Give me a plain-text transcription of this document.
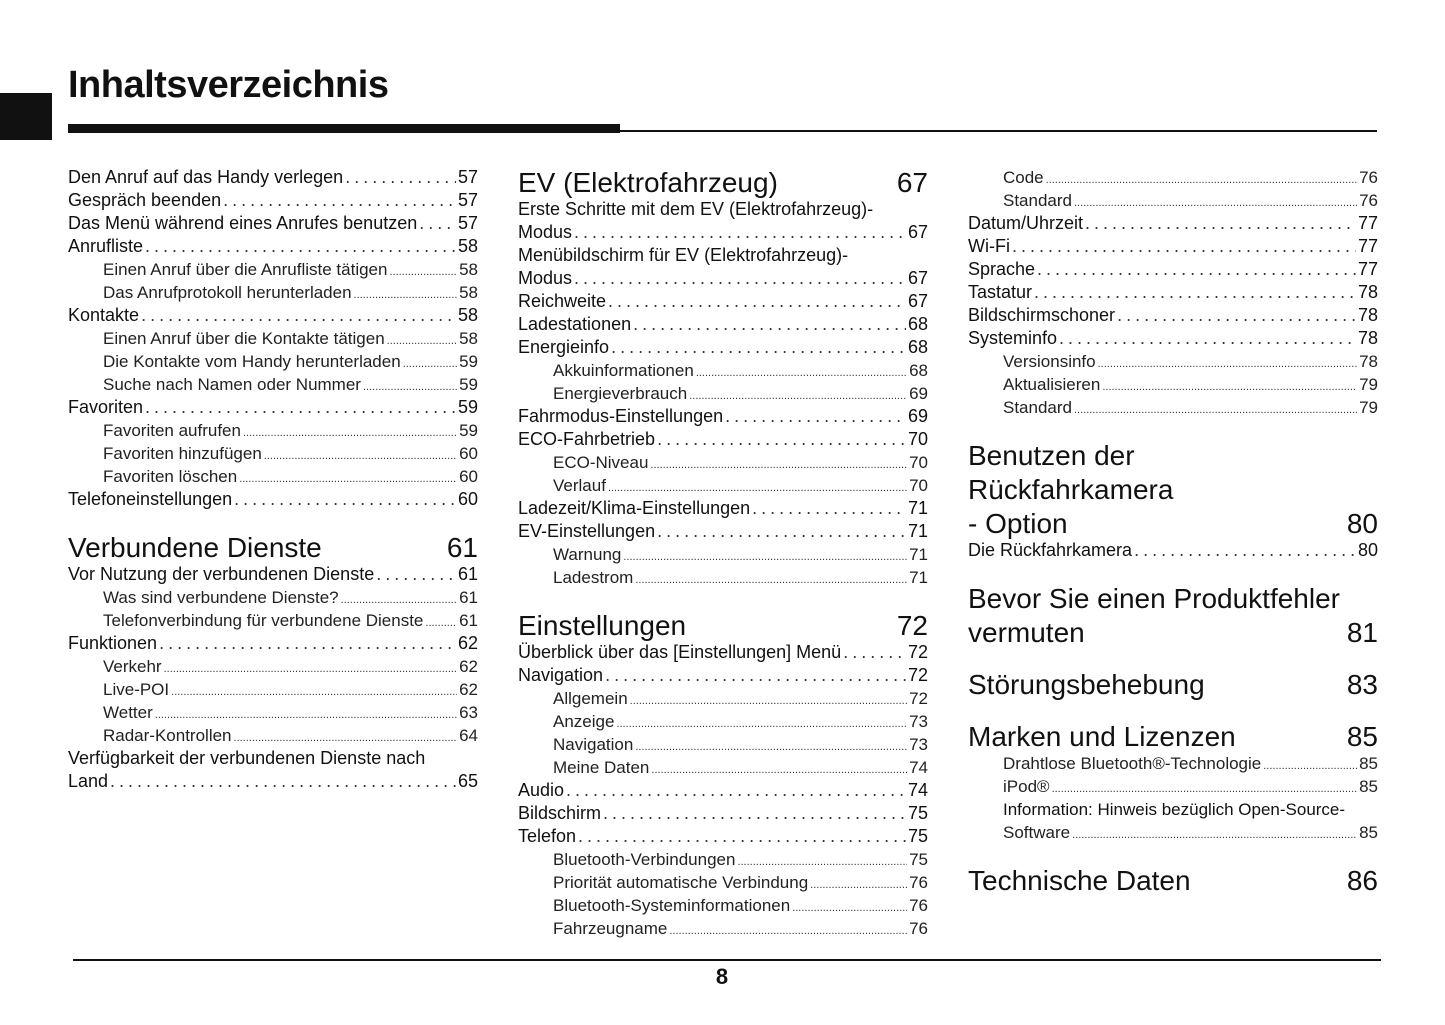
Inhaltsverzeichnis
Den Anruf auf das Handy verlegen .....	57
Gespräch beenden .....	57
Das Menü während eines Anrufes benutzen ..... 57
Anrufliste .....	58
Einen Anruf über die Anrufliste tätigen .....	58
Das Anrufprotokoll herunterladen .....	58
Kontakte .....	58
Einen Anruf über die Kontakte tätigen .....	58
Die Kontakte vom Handy herunterladen .....	59
Suche nach Namen oder Nummer .....	59
Favoriten .....	59
Favoriten aufrufen .....	59
Favoriten hinzufügen .....	60
Favoriten löschen .....	60
Telefoneinstellungen .....	60
Verbundene Dienste	61
Vor Nutzung der verbundenen Dienste .....	61
Was sind verbundene Dienste? .....	61
Telefonverbindung für verbundene Dienste ..... 61
Funktionen .....	62
Verkehr .....	62
Live-POI .....	62
Wetter .....	63
Radar-Kontrollen .....	64
Verfügbarkeit der verbundenen Dienste nach
Land .....	65
EV (Elektrofahrzeug)	67
Erste Schritte mit dem EV (Elektrofahrzeug)-
Modus .....	67
Menübildschirm für EV (Elektrofahrzeug)-
Modus .....	67
Reichweite .....	67
Ladestationen .....	68
Energieinfo .....	68
Akkuinformationen .....	68
Energieverbrauch .....	69
Fahrmodus-Einstellungen .....	69
ECO-Fahrbetrieb .....	70
ECO-Niveau .....	70
Verlauf .....	70
Ladezeit/Klima-Einstellungen .....	71
EV-Einstellungen .....	71
Warnung .....	71
Ladestrom .....	71
Einstellungen	72
Überblick über das [Einstellungen] Menü .....	72
Navigation .....	72
Allgemein .....	72
Anzeige .....	73
Navigation .....	73
Meine Daten .....	74
Audio .....	74
Bildschirm .....	75
Telefon .....	75
Bluetooth-Verbindungen .....	75
Priorität automatische Verbindung .....	76
Bluetooth-Systeminformationen .....	76
Fahrzeugname .....	76
Code .....	76
Standard .....	76
Datum/Uhrzeit .....	77
Wi-Fi .....	77
Sprache .....	77
Tastatur .....	78
Bildschirmschoner .....	78
Systeminfo .....	78
Versionsinfo .....	78
Aktualisieren .....	79
Standard .....	79
Benutzen der Rückfahrkamera
- Option	80
Die Rückfahrkamera .....	80
Bevor Sie einen Produktfehler
vermuten	81
Störungsbehebung	83
Marken und Lizenzen	85
Drahtlose Bluetooth®-Technologie .....	85
iPod® .....	85
Information: Hinweis bezüglich Open-Source-
Software .....	85
Technische Daten	86
8
